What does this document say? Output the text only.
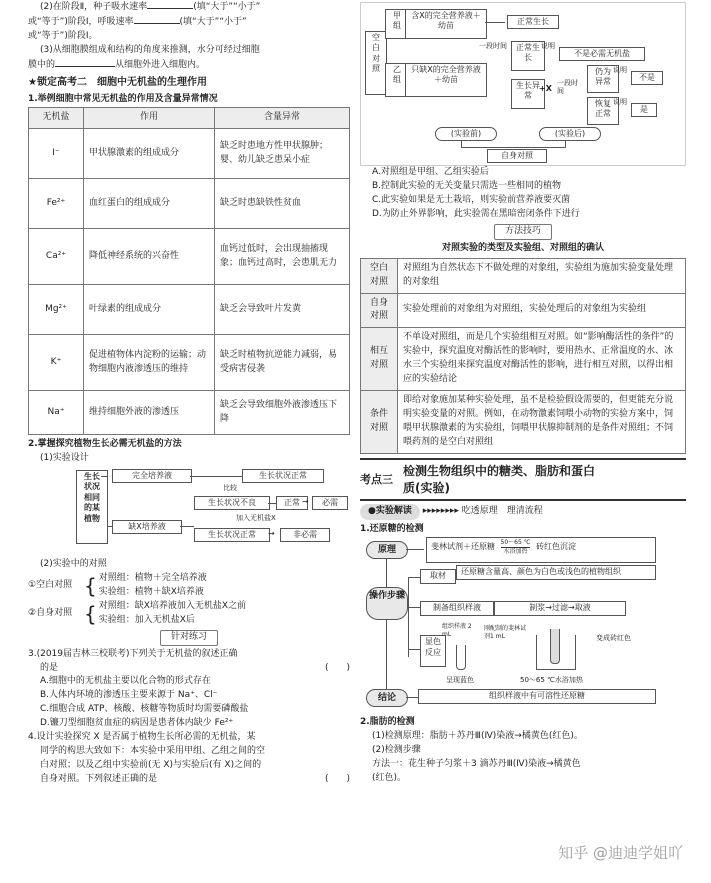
(2)在阶段Ⅱ，种子吸水速率	(填“大于”“小于”

或“等于”)阶段Ⅰ，呼吸速率	(填“大于”“小于”

或“等于”)阶段Ⅰ。

(3)从细胞膜组成和结构的角度来推测，水分可经过细胞

膜中的	从细胞外进入细胞内。

★锁定高考二　细胞中无机盐的生理作用

1.举例细胞中常见无机盐的作用及含量异常情况

无机盐	作用	含量异常
I⁻	甲状腺激素的组成成分	缺乏时患地方性甲状腺肿；婴、幼儿缺乏患呆小症
Fe²⁺	血红蛋白的组成成分	缺乏时患缺铁性贫血
Ca²⁺	降低神经系统的兴奋性	血钙过低时，会出现抽搐现象；血钙过高时，会患肌无力
Mg²⁺	叶绿素的组成成分	缺乏会导致叶片发黄
K⁺	促进植物体内淀粉的运输；动物细胞内液渗透压的维持	缺乏时植物抗逆能力减弱，易受病害侵袭
Na⁺	维持细胞外液的渗透压	缺乏会导致细胞外液渗透压下降

2.掌握探究植物生长必需无机盐的方法

(1)实验设计

生长状况相同的某植物
完全培养液	生长状况正常
缺X培养液
生长状况不良
比较
正常 →	必需
加入无机盐X
生长状况正常	→	非必需

(2)实验中的对照

①空白对照 { 对照组：植物＋完全培养液

实验组：植物＋缺X培养液

②自身对照 { 对照组：缺X培养液加入无机盐X之前

实验组：加入无机盐X后

针对练习

3.(2019届吉林三校联考)下列关于无机盐的叙述正确

的是	(　　)

A.细胞中的无机盐主要以化合物的形式存在

B.人体内环境的渗透压主要来源于 Na⁺、Cl⁻

C.细胞合成 ATP、核酸、核糖等物质时均需要磷酸盐

D.镰刀型细胞贫血症的病因是患者体内缺少 Fe²⁺

4.设计实验探究 X 是否属于植物生长所必需的无机盐，某

同学的构思大致如下：本实验中采用甲组、乙组之间的空

白对照；以及乙组中实验前(无 X)与实验后(有 X)之间的

自身对照。下列叙述正确的是	(　　)

空白对照
甲组
含X的完全营养液＋幼苗	正常生长
乙组
只缺X的完全营养液＋幼苗
一段时间	正常生长
说明
不是必需无机盐
生长异常
+X
一段时间
仍为异常
说明
不是
恢复正常
说明
是
(实验前)	(实验后)
自身对照

A.对照组是甲组、乙组实验后

B.控制此实验的无关变量只需选一些相同的植物

C.此实验如果是无土栽培，则实验前营养液要灭菌

D.为防止外界影响，此实验需在黑暗密闭条件下进行

方法技巧

对照实验的类型及实验组、对照组的确认

空白对照	对照组为自然状态下不做处理的对象组，实验组为施加实验变量处理的对象组
自身对照	实验处理前的对象组为对照组，实验处理后的对象组为实验组
相互对照	不单设对照组，而是几个实验组相互对照。如“影响酶活性的条件”的实验中，探究温度对酶活性的影响时，要用热水、正常温度的水、冰水三个实验组来探究温度对酶活性的影响，进行相互对照，以得出相应的实验结论
条件对照	即给对象施加某种实验处理，虽不是检验假设需要的，但更能充分说明实验变量的对照。例如，在动物激素饲喂小动物的实验方案中，饲喂甲状腺激素的为实验组，饲喂甲状腺抑制剂的是条件对照组；不饲喂药剂的是空白对照组
考点三
检测生物组织中的糖类、脂肪和蛋白
质(实验)

●实验解读 ▸▸▸▸▸▸▸▸ 吃透原理　理清流程

1.还原糖的检测

原理	斐林试剂＋还原糖 50～65 ℃
水浴加热	砖红色沉淀
操作步骤
取材	还原糖含量高、颜色为白色或浅色的植物组织
制备组织样液	制浆→过滤→取液
显色反应
组织样液 2 mL
刚配制的斐林试剂1 mL	变成砖红色
呈现蓝色	50～65 ℃水浴加热
结论	组织样液中有可溶性还原糖

2.脂肪的检测

(1)检测原理：脂肪＋苏丹Ⅲ(Ⅳ)染液→橘黄色(红色)。

(2)检测步骤

方法一：花生种子匀浆＋3 滴苏丹Ⅲ(Ⅳ)染液→橘黄色

(红色)。

知乎 @迪迪学姐吖
